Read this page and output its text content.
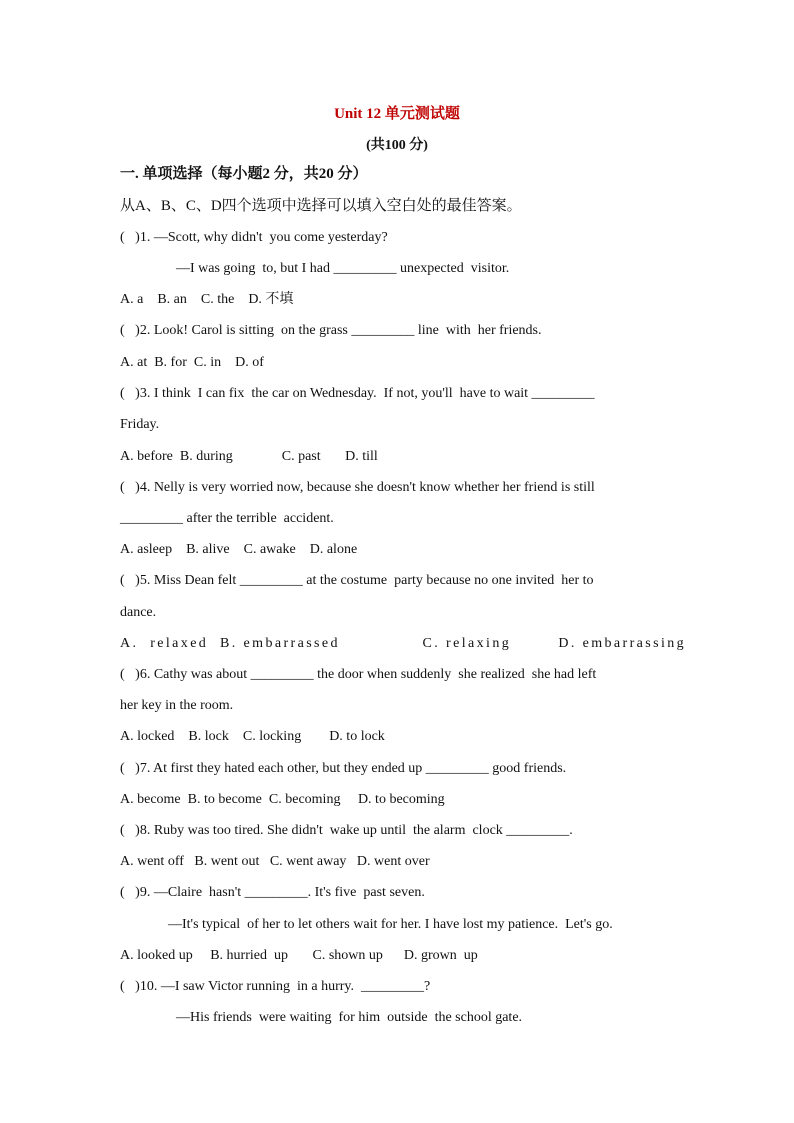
Unit 12 单元测试题
(共100 分)
一. 单项选择（每小题2 分，共20 分）
从A、B、C、D四个选项中选择可以填入空白处的最佳答案。
(   )1. —Scott, why didn't  you come yesterday?
—I was going  to, but I had _________ unexpected  visitor.
A. a    B. an    C. the    D. 不填
(   )2. Look! Carol is sitting  on the grass _________ line  with  her friends.
A. at  B. for  C. in    D. of
(   )3. I think  I can fix  the car on Wednesday.  If not, you'll  have to wait _________
Friday.
A. before  B. during              C. past       D. till
(   )4. Nelly is very worried now, because she doesn't know whether her friend is still
_________ after the terrible  accident.
A. asleep    B. alive    C. awake    D. alone
(   )5. Miss Dean felt _________ at the costume  party because no one invited  her to
dance.
A.  relaxed  B. embarrassed              C. relaxing        D. embarrassing
(   )6. Cathy was about _________ the door when suddenly  she realized  she had left
her key in the room.
A. locked    B. lock    C. locking        D. to lock
(   )7. At first they hated each other, but they ended up _________ good friends.
A. become  B. to become  C. becoming     D. to becoming
(   )8. Ruby was too tired. She didn't  wake up until  the alarm  clock _________.
A. went off   B. went out   C. went away   D. went over
(   )9. —Claire  hasn't _________. It's five  past seven.
—It's typical  of her to let others wait for her. I have lost my patience.  Let's go.
A. looked up     B. hurried  up       C. shown up      D. grown  up
(   )10. —I saw Victor running  in a hurry.  _________?
—His friends  were waiting  for him  outside  the school gate.
